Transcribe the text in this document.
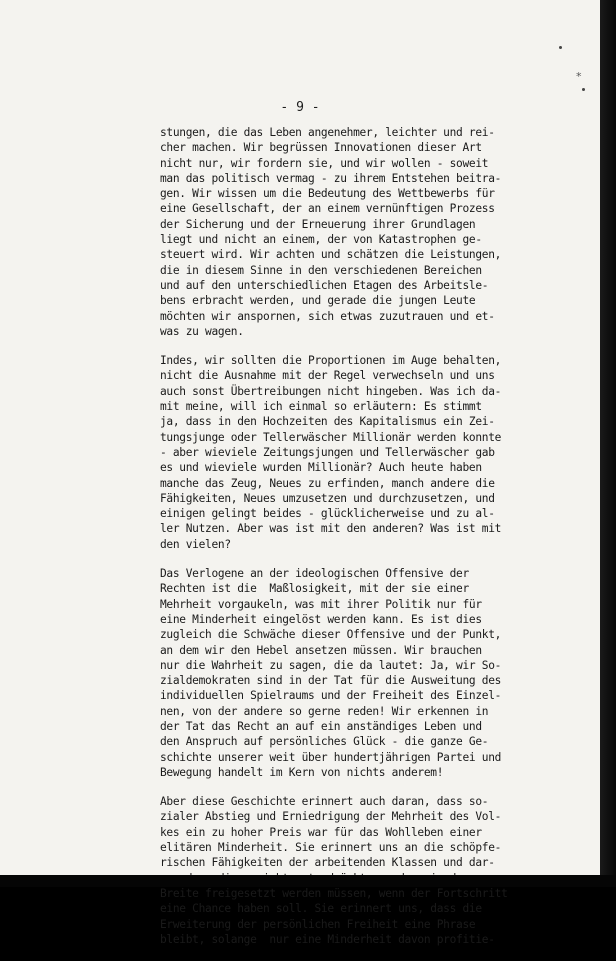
*

- 9 -

stungen, die das Leben angenehmer, leichter und rei-
cher machen. Wir begrüssen Innovationen dieser Art
nicht nur, wir fordern sie, und wir wollen - soweit
man das politisch vermag - zu ihrem Entstehen beitra-
gen. Wir wissen um die Bedeutung des Wettbewerbs für
eine Gesellschaft, der an einem vernünftigen Prozess
der Sicherung und der Erneuerung ihrer Grundlagen
liegt und nicht an einem, der von Katastrophen ge-
steuert wird. Wir achten und schätzen die Leistungen,
die in diesem Sinne in den verschiedenen Bereichen
und auf den unterschiedlichen Etagen des Arbeitsle-
bens erbracht werden, und gerade die jungen Leute
möchten wir anspornen, sich etwas zuzutrauen und et-
was zu wagen.

Indes, wir sollten die Proportionen im Auge behalten,
nicht die Ausnahme mit der Regel verwechseln und uns
auch sonst Übertreibungen nicht hingeben. Was ich da-
mit meine, will ich einmal so erläutern: Es stimmt
ja, dass in den Hochzeiten des Kapitalismus ein Zei-
tungsjunge oder Tellerwäscher Millionär werden konnte
- aber wieviele Zeitungsjungen und Tellerwäscher gab
es und wieviele wurden Millionär? Auch heute haben
manche das Zeug, Neues zu erfinden, manch andere die
Fähigkeiten, Neues umzusetzen und durchzusetzen, und
einigen gelingt beides - glücklicherweise und zu al-
ler Nutzen. Aber was ist mit den anderen? Was ist mit
den vielen?

Das Verlogene an der ideologischen Offensive der
Rechten ist die  Maßlosigkeit, mit der sie einer
Mehrheit vorgaukeln, was mit ihrer Politik nur für
eine Minderheit eingelöst werden kann. Es ist dies
zugleich die Schwäche dieser Offensive und der Punkt,
an dem wir den Hebel ansetzen müssen. Wir brauchen
nur die Wahrheit zu sagen, die da lautet: Ja, wir So-
zialdemokraten sind in der Tat für die Ausweitung des
individuellen Spielraums und der Freiheit des Einzel-
nen, von der andere so gerne reden! Wir erkennen in
der Tat das Recht an auf ein anständiges Leben und
den Anspruch auf persönliches Glück - die ganze Ge-
schichte unserer weit über hundertjährigen Partei und
Bewegung handelt im Kern von nichts anderem!

Aber diese Geschichte erinnert auch daran, dass so-
zialer Abstieg und Erniedrigung der Mehrheit des Vol-
kes ein zu hoher Preis war für das Wohlleben einer
elitären Minderheit. Sie erinnert uns an die schöpfe-
rischen Fähigkeiten der arbeitenden Klassen und dar-

Breite freigesetzt werden müssen, wenn der Fortschritt
eine Chance haben soll. Sie erinnert uns, dass die
Erweiterung der persönlichen Freiheit eine Phrase
bleibt, solange  nur eine Minderheit davon profitie-
